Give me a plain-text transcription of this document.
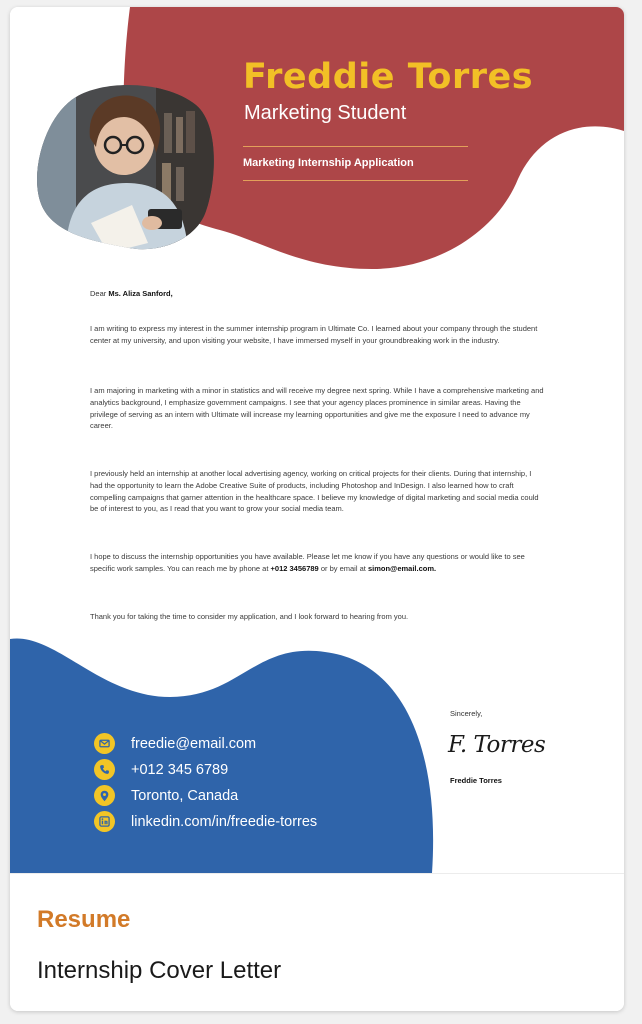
Freddie Torres
Marketing Student
Marketing Internship Application
Dear Ms. Aliza Sanford,

I am writing to express my interest in the summer internship program in Ultimate Co. I learned about your company through the student center at my university, and upon visiting your website, I have immersed myself in your groundbreaking work in the industry.

I am majoring in marketing with a minor in statistics and will receive my degree next spring. While I have a comprehensive marketing and analytics background, I emphasize government campaigns. I see that your agency places prominence in similar areas. Having the privilege of serving as an intern with Ultimate will increase my learning opportunities and give me the exposure I need to advance my career.

I previously held an internship at another local advertising agency, working on critical projects for their clients. During that internship, I had the opportunity to learn the Adobe Creative Suite of products, including Photoshop and InDesign. I also learned how to craft compelling campaigns that garner attention in the healthcare space. I believe my knowledge of digital marketing and social media could be of interest to you, as I read that you want to grow your social media team.

I hope to discuss the internship opportunities you have available. Please let me know if you have any questions or would like to see specific work samples. You can reach me by phone at +012 3456789 or by email at simon@email.com.

Thank you for taking the time to consider my application, and I look forward to hearing from you.

freedie@email.com
+012 345 6789
Toronto, Canada
linkedin.com/in/freedie-torres
Sincerely,
F. Torres
Freddie Torres
Resume
Internship Cover Letter
